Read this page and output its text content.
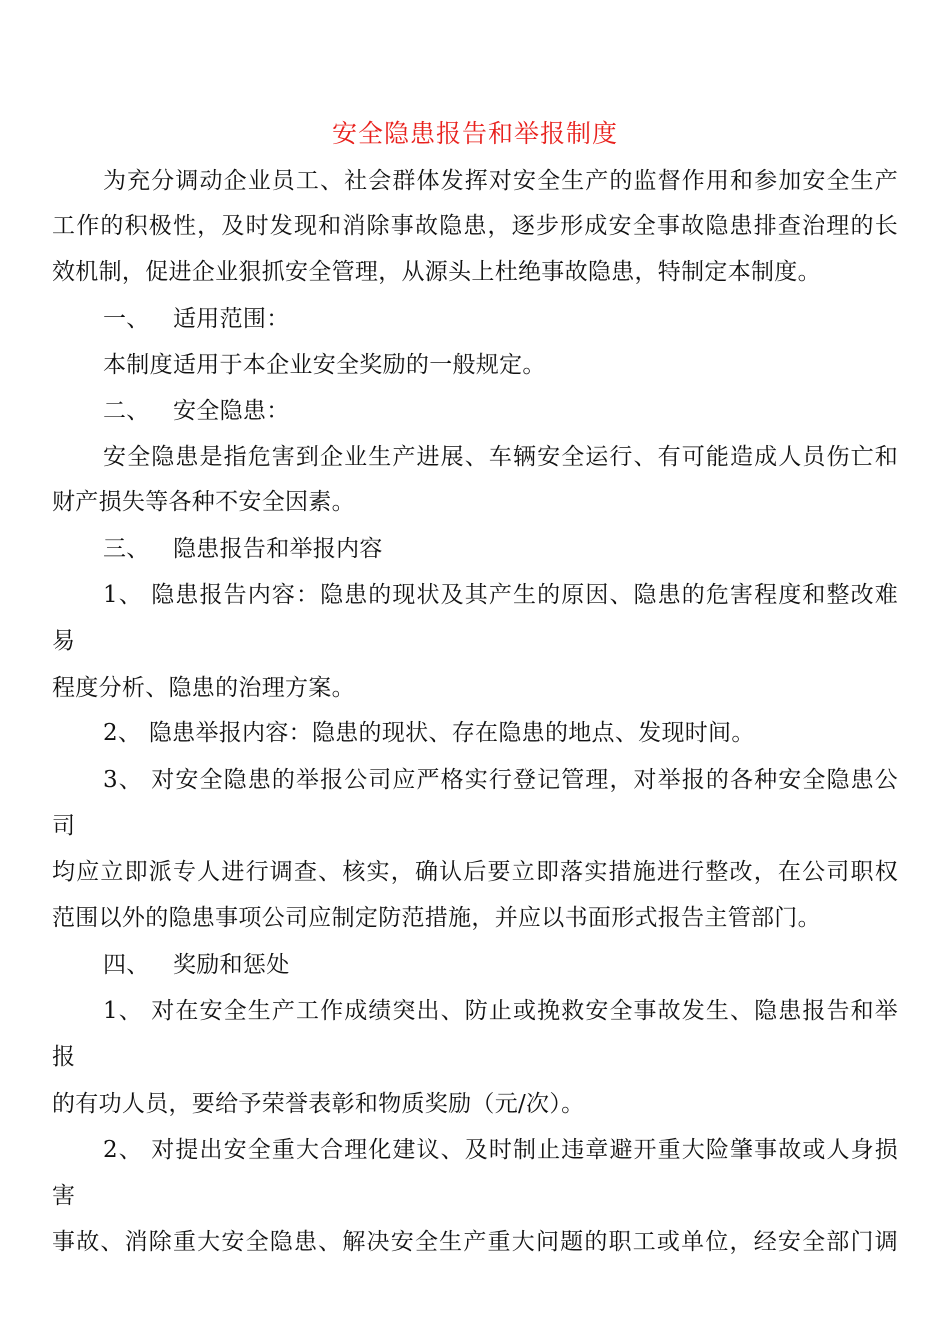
安全隐患报告和举报制度
为充分调动企业员工、社会群体发挥对安全生产的监督作用和参加安全生产
工作的积极性，及时发现和消除事故隐患，逐步形成安全事故隐患排查治理的长
效机制，促进企业狠抓安全管理，从源头上杜绝事故隐患，特制定本制度。
一、 适用范围：
本制度适用于本企业安全奖励的一般规定。
二、 安全隐患：
安全隐患是指危害到企业生产进展、车辆安全运行、有可能造成人员伤亡和
财产损失等各种不安全因素。
三、 隐患报告和举报内容
1、 隐患报告内容：隐患的现状及其产生的原因、隐患的危害程度和整改难
易
程度分析、隐患的治理方案。
2、 隐患举报内容：隐患的现状、存在隐患的地点、发现时间。
3、 对安全隐患的举报公司应严格实行登记管理，对举报的各种安全隐患公
司
均应立即派专人进行调查、核实，确认后要立即落实措施进行整改，在公司职权
范围以外的隐患事项公司应制定防范措施，并应以书面形式报告主管部门。
四、 奖励和惩处
1、 对在安全生产工作成绩突出、防止或挽救安全事故发生、隐患报告和举
报
的有功人员，要给予荣誉表彰和物质奖励（元/次）。
2、 对提出安全重大合理化建议、及时制止违章避开重大险肇事故或人身损
害
事故、消除重大安全隐患、解决安全生产重大问题的职工或单位，经安全部门调
